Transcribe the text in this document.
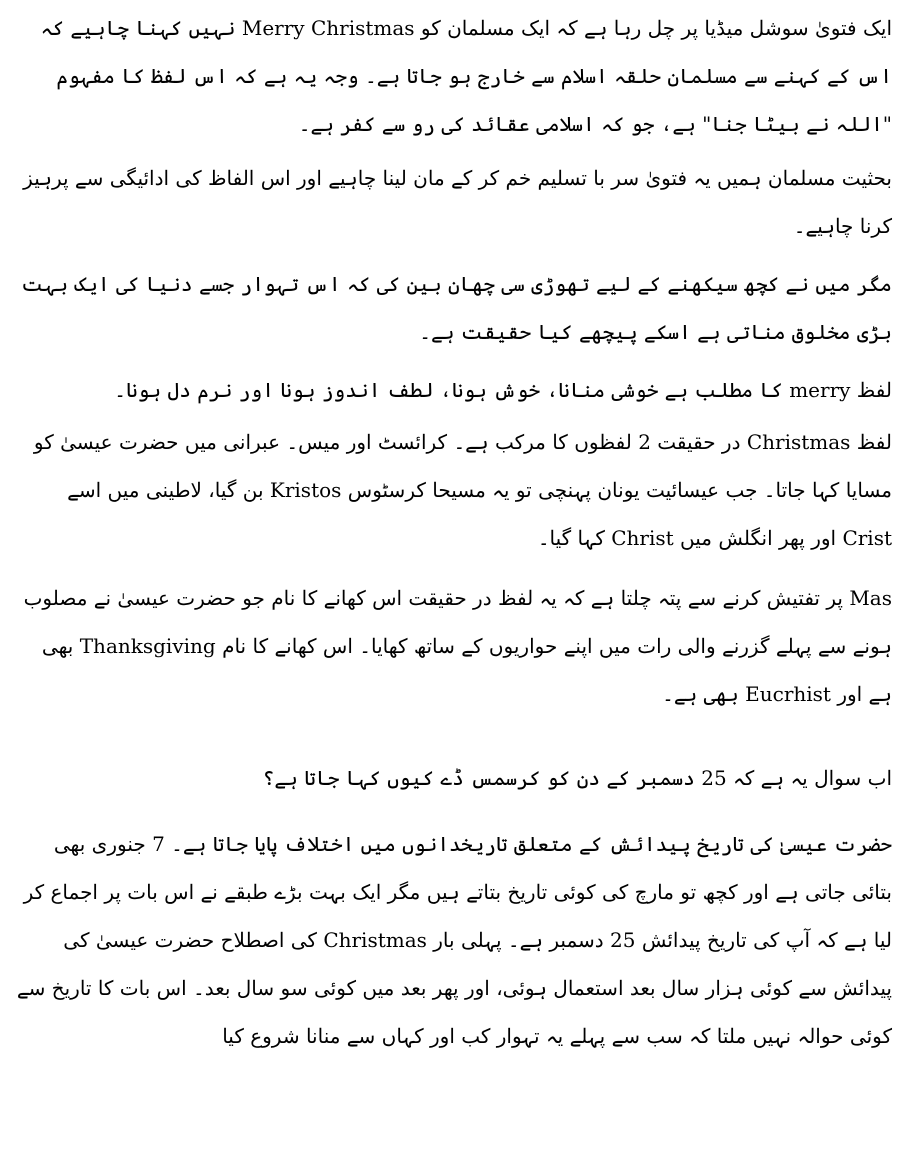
ایک فتویٰ سوشل میڈیا پر چل رہا ہے کہ ایک مسلمان کو Merry Christmas نہیں کہنا چاہیے کہ اس کے کہنے سے مسلمان حلقہ اسلام سے خارج ہو جاتا ہے۔ وجہ یہ ہے کہ اس لفظ کا مفہوم "اللہ نے بیٹا جنا" ہے، جو کہ اسلامی عقائد کی رو سے کفر ہے۔

بحثیت مسلمان ہمیں یہ فتویٰ سر با تسلیم خم کر کے مان لینا چاہیے اور اس الفاظ کی ادائیگی سے پرہیز کرنا چاہیے۔

مگر میں نے کچھ سیکھنے کے لیے تھوڑی سی چھان بین کی کہ اس تہوار جسے دنیا کی ایک بہت بڑی مخلوق مناتی ہے اسکے پیچھے کیا حقیقت ہے۔

لفظ merry کا مطلب ہے خوشی منانا، خوش ہونا، لطف اندوز ہونا اور نرم دل ہونا۔

لفظ Christmas در حقیقت 2 لفظوں کا مرکب ہے۔ کرائسٹ اور میس۔ عبرانی میں حضرت عیسیٰ کو مسایا کہا جاتا۔ جب عیسائیت یونان پہنچی تو یہ مسیحا کرسٹوس Kristos بن گیا، لاطینی میں اسے Crist اور پھر انگلش میں Christ کہا گیا۔

Mas پر تفتیش کرنے سے پتہ چلتا ہے کہ یہ لفظ در حقیقت اس کھانے کا نام جو حضرت عیسیٰ نے مصلوب ہونے سے پہلے گزرنے والی رات میں اپنے حواریوں کے ساتھ کھایا۔ اس کھانے کا نام Thanksgiving بھی ہے اور Eucrhist بھی ہے۔

اب سوال یہ ہے کہ 25 دسمبر کے دن کو کرسمس ڈے کیوں کہا جاتا ہے؟

حضرت عیسیٰ کی تاریخ پیدائش کے متعلق تاریخدانوں میں اختلاف پایا جاتا ہے۔ 7 جنوری بھی بتائی جاتی ہے اور کچھ تو مارچ کی کوئی تاریخ بتاتے ہیں مگر ایک بہت بڑے طبقے نے اس بات پر اجماع کر لیا ہے کہ آپ کی تاریخ پیدائش 25 دسمبر ہے۔ پہلی بار Christmas کی اصطلاح حضرت عیسیٰ کی پیدائش سے کوئی ہزار سال بعد استعمال ہوئی، اور پھر بعد میں کوئی سو سال بعد۔ اس بات کا تاریخ سے کوئی حوالہ نہیں ملتا کہ سب سے پہلے یہ تہوار کب اور کہاں سے منانا شروع کیا
